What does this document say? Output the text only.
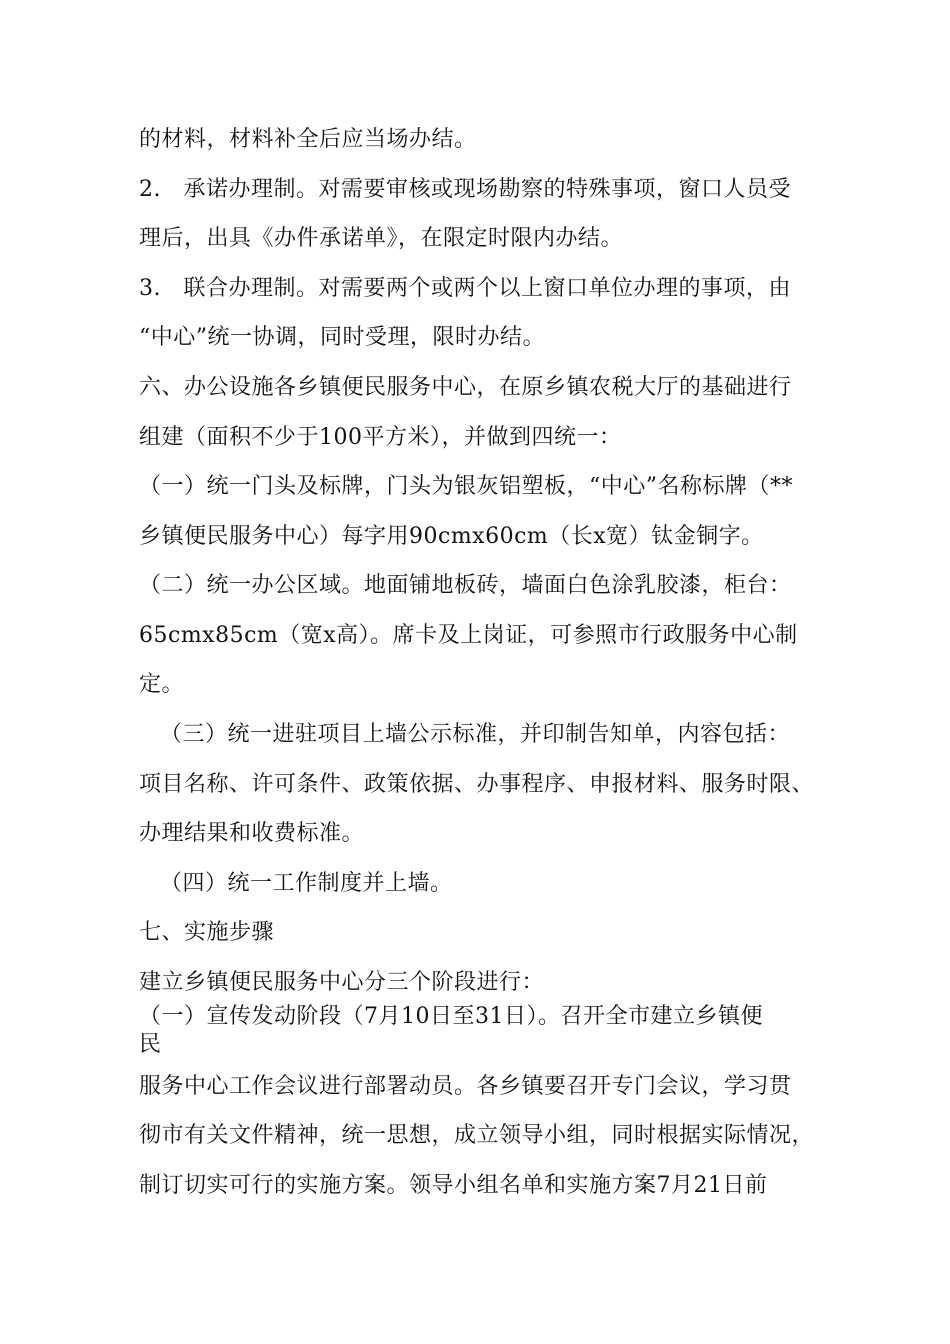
的材料，材料补全后应当场办结。
2.　承诺办理制。对需要审核或现场勘察的特殊事项，窗口人员受
理后，出具《办件承诺单》，在限定时限内办结。
3.　联合办理制。对需要两个或两个以上窗口单位办理的事项，由
“中心”统一协调，同时受理，限时办结。
六、办公设施各乡镇便民服务中心，在原乡镇农税大厅的基础进行
组建（面积不少于100平方米），并做到四统一：
（一）统一门头及标牌，门头为银灰铝塑板，“中心”名称标牌（**
乡镇便民服务中心）每字用90cmx60cm（长x宽）钛金铜字。
（二）统一办公区域。地面铺地板砖，墙面白色涂乳胶漆，柜台：
65cmx85cm（宽x高）。席卡及上岗证，可参照市行政服务中心制
定。
（三）统一进驻项目上墙公示标准，并印制告知单，内容包括：
项目名称、许可条件、政策依据、办事程序、申报材料、服务时限、
办理结果和收费标准。
（四）统一工作制度并上墙。
七、实施步骤
建立乡镇便民服务中心分三个阶段进行：
（一）宣传发动阶段（7月10日至31日）。召开全市建立乡镇便
民
服务中心工作会议进行部署动员。各乡镇要召开专门会议，学习贯
彻市有关文件精神，统一思想，成立领导小组，同时根据实际情况，
制订切实可行的实施方案。领导小组名单和实施方案7月21日前
